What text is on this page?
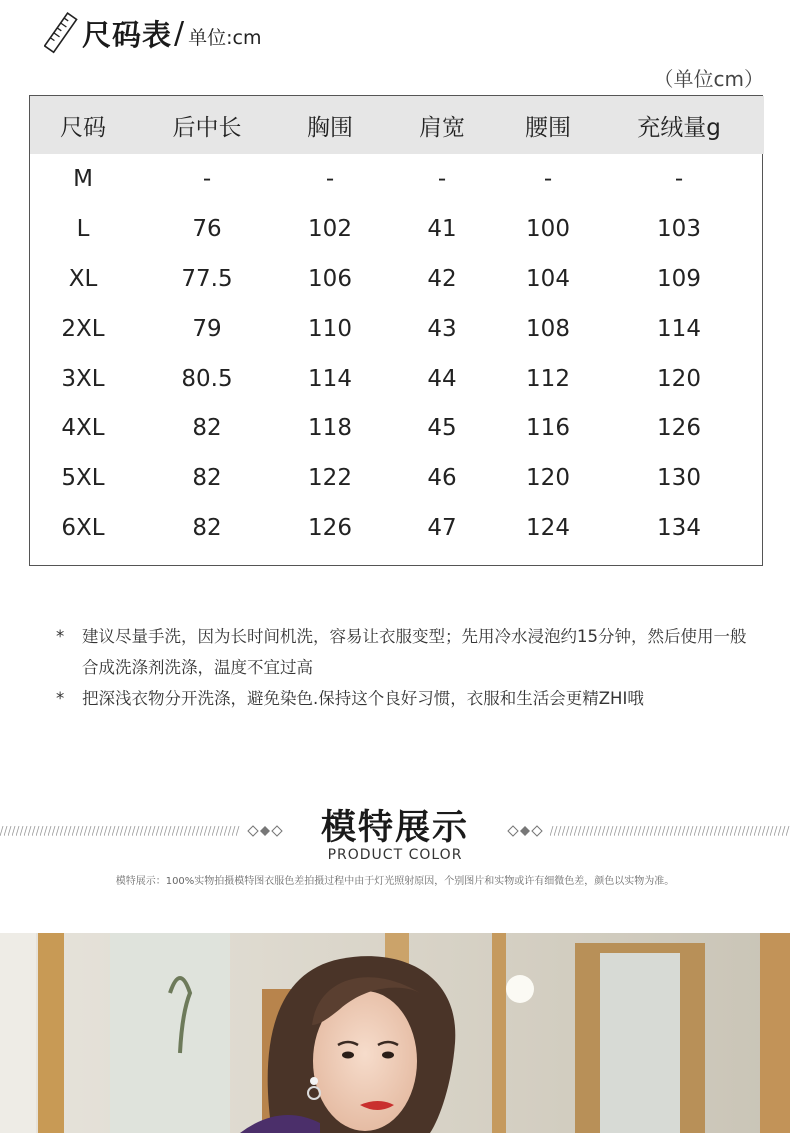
尺码表 / 单位:cm
（单位cm）
尺码	后中长	胸围	肩宽	腰围	充绒量g
M	-	-	-	-	-
L	76	102	41	100	103
XL	77.5	106	42	104	109
2XL	79	110	43	108	114
3XL	80.5	114	44	112	120
4XL	82	118	45	116	126
5XL	82	122	46	120	130
6XL	82	126	47	124	134
*	建议尽量手洗，因为长时间机洗，容易让衣服变型；先用冷水浸泡约15分钟，然后使用一般合成洗涤剂洗涤，温度不宜过高
*	把深浅衣物分开洗涤，避免染色.保持这个良好习惯，衣服和生活会更精ZHI哦
模特展示
PRODUCT COLOR
模特展示：100%实物拍摄模特图衣服色差拍摄过程中由于灯光照射原因，个别图片和实物或许有细微色差，颜色以实物为准。
